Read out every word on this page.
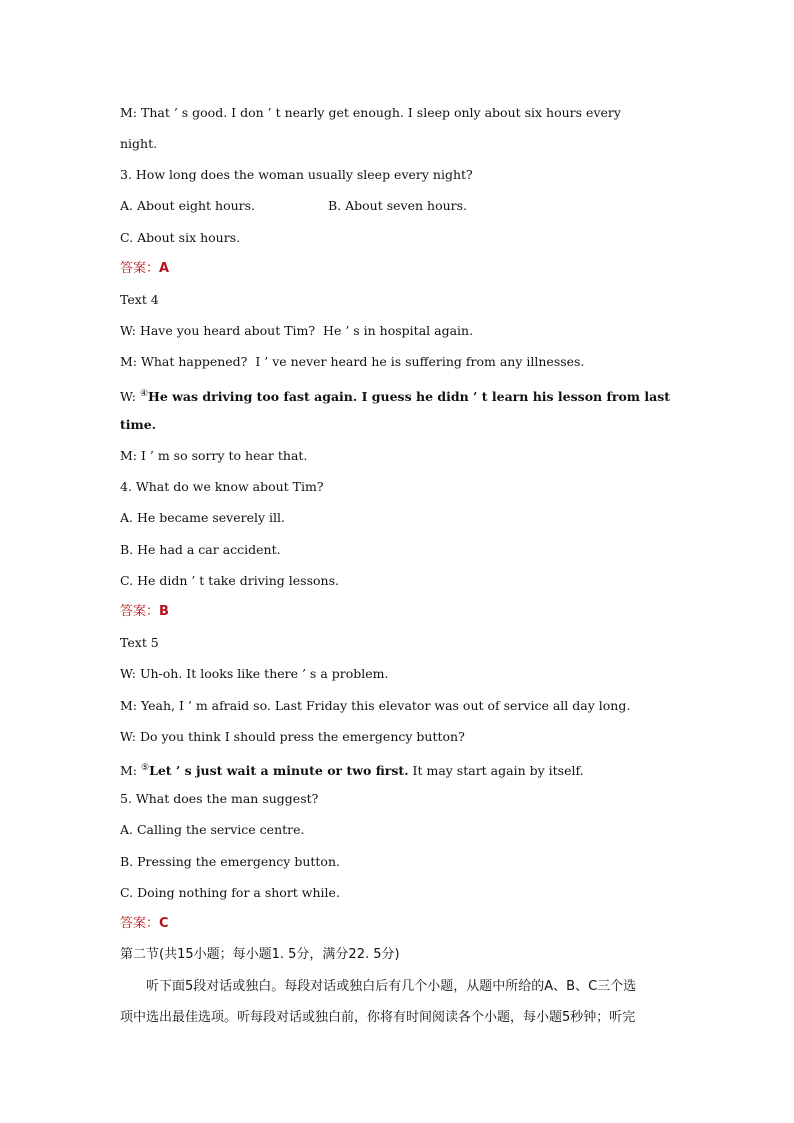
M: That ’ s good. I don ’ t nearly get enough. I sleep only about six hours every
night.
3. How long does the woman usually sleep every night?
A. About eight hours.	B. About seven hours.
C. About six hours.
答案：A
Text 4
W: Have you heard about Tim?  He ’ s in hospital again.
M: What happened?  I ’ ve never heard he is suffering from any illnesses.
W: ④He was driving too fast again. I guess he didn ’ t learn his lesson from last
time.
M: I ’ m so sorry to hear that.
4. What do we know about Tim?
A. He became severely ill.
B. He had a car accident.
C. He didn ’ t take driving lessons.
答案：B
Text 5
W: Uh-oh. It looks like there ’ s a problem.
M: Yeah, I ’ m afraid so. Last Friday this elevator was out of service all day long.
W: Do you think I should press the emergency button?
M: ⑤Let ’ s just wait a minute or two first. It may start again by itself.
5. What does the man suggest?
A. Calling the service centre.
B. Pressing the emergency button.
C. Doing nothing for a short while.
答案：C
第二节(共15小题；每小题1. 5分，满分22. 5分)
听下面5段对话或独白。每段对话或独白后有几个小题，从题中所给的A、B、C三个选
项中选出最佳选项。听每段对话或独白前，你将有时间阅读各个小题，每小题5秒钟；听完
